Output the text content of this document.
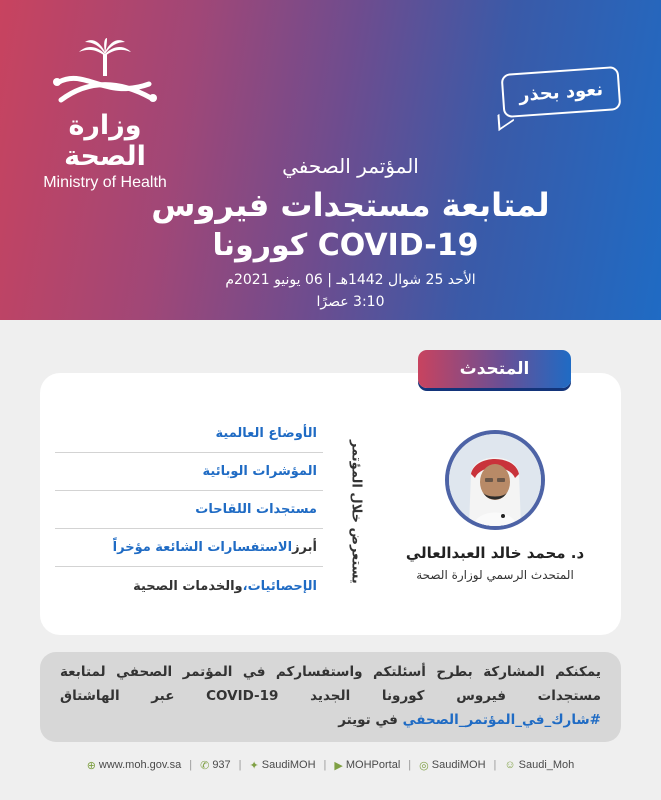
وزارة الصحة
Ministry of Health
نعود بحذر
المؤتمر الصحفي
لمتابعة مستجدات فيروس
كورونا COVID-19
الأحد 25 شوال 1442هـ | 06 يونيو 2021م
3:10 عصرًا
المتحدث
الأوضاع العالمية
المؤشرات الوبائية
مستجدات اللقاحات
أبرز
الاستفسارات الشائعة مؤخراً
الإحصائيات،
والخدمات الصحية
يستعرض خلال المؤتمر	د. محمد خالد العبدالعالي
المتحدث الرسمي لوزارة الصحة
يمكنكم المشاركة بطرح أسئلتكم واستفساركم في المؤتمر الصحفي لمتابعة مستجدات فيروس كورونا الجديد COVID-19 عبر الهاشتاق #شارك_في_المؤتمر_الصحفي في تويتر
⊕ www.moh.gov.sa | ✆ 937 | ✦ SaudiMOH | ▶ MOHPortal | ◎ SaudiMOH | ☺ Saudi_Moh
